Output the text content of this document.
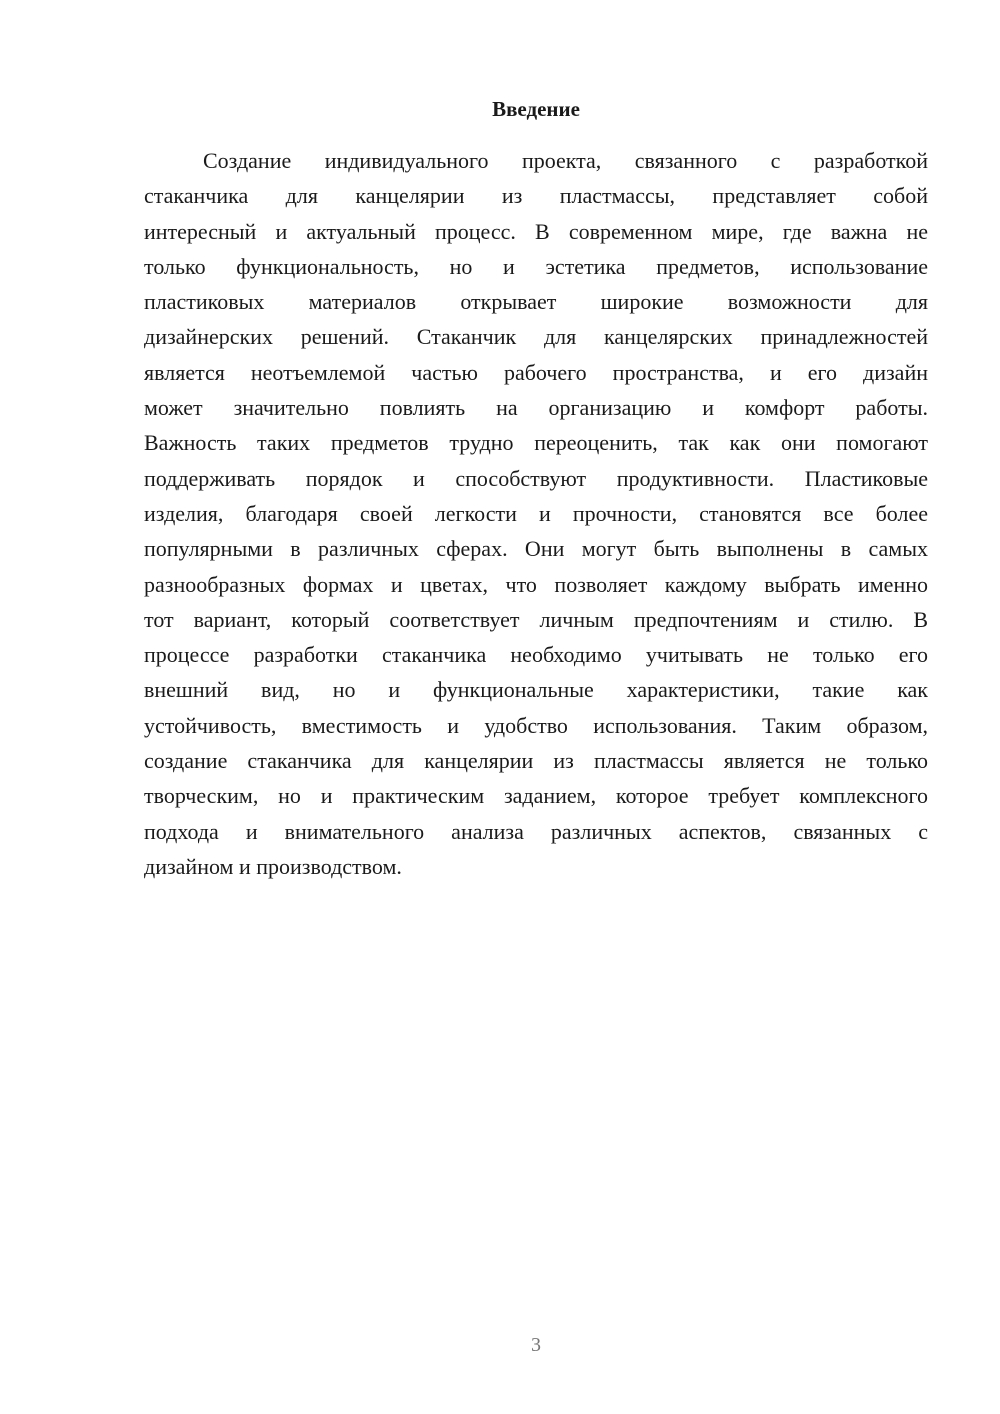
Введение
Создание индивидуального проекта, связанного с разработкой
стаканчика для канцелярии из пластмассы, представляет собой
интересный и актуальный процесс. В современном мире, где важна не
только функциональность, но и эстетика предметов, использование
пластиковых материалов открывает широкие возможности для
дизайнерских решений. Стаканчик для канцелярских принадлежностей
является неотъемлемой частью рабочего пространства, и его дизайн
может значительно повлиять на организацию и комфорт работы.
Важность таких предметов трудно переоценить, так как они помогают
поддерживать порядок и способствуют продуктивности. Пластиковые
изделия, благодаря своей легкости и прочности, становятся все более
популярными в различных сферах. Они могут быть выполнены в самых
разнообразных формах и цветах, что позволяет каждому выбрать именно
тот вариант, который соответствует личным предпочтениям и стилю. В
процессе разработки стаканчика необходимо учитывать не только его
внешний вид, но и функциональные характеристики, такие как
устойчивость, вместимость и удобство использования. Таким образом,
создание стаканчика для канцелярии из пластмассы является не только
творческим, но и практическим заданием, которое требует комплексного
подхода и внимательного анализа различных аспектов, связанных с
дизайном и производством.
3
